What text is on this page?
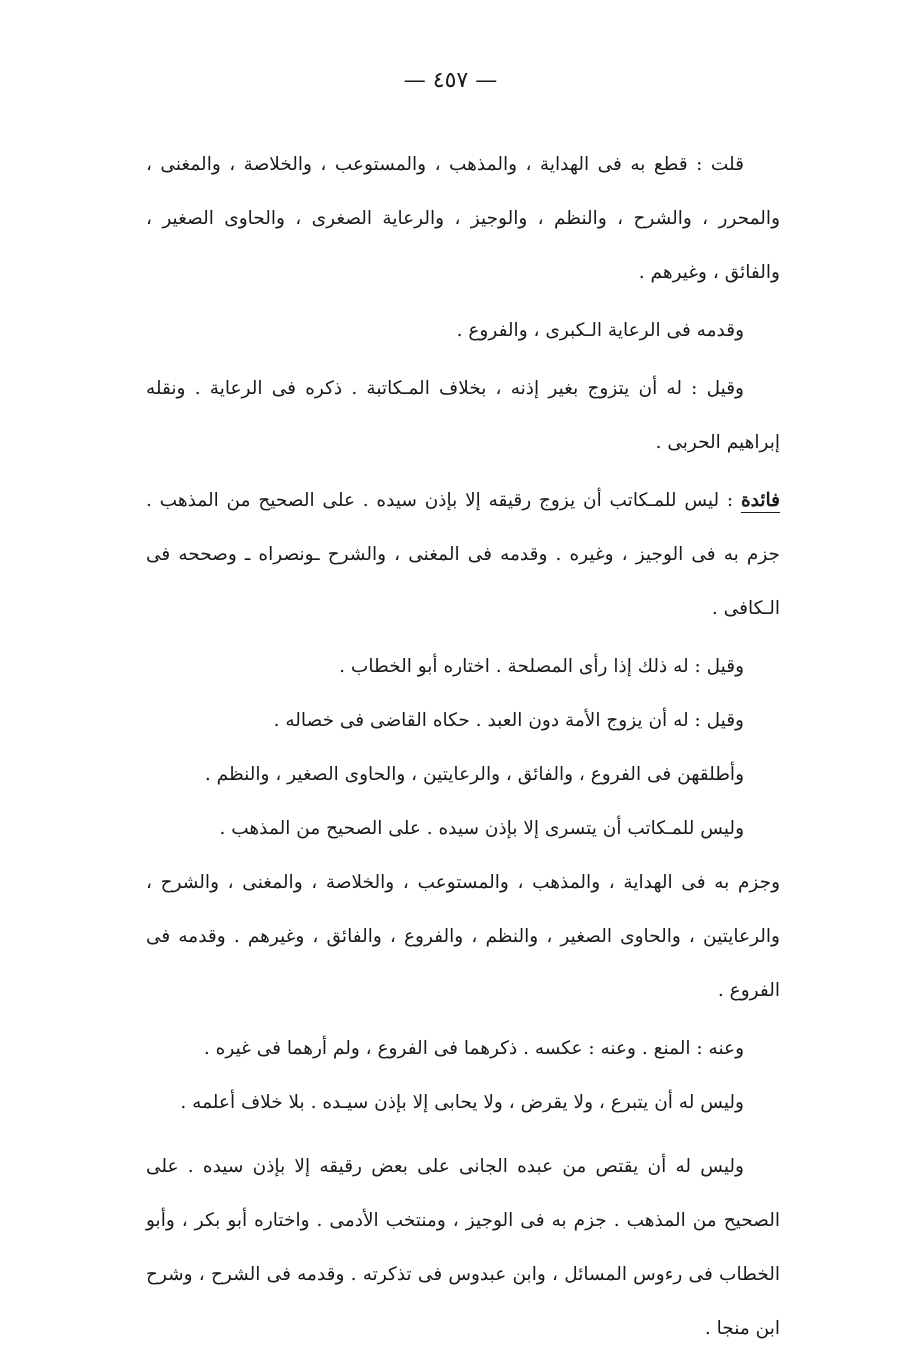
— ٤٥٧ —

قلت : قطع به فى الهداية ، والمذهب ، والمستوعب ، والخلاصة ، والمغنى ، والمحرر ، والشرح ، والنظم ، والوجيز ، والرعاية الصغرى ، والحاوى الصغير ، والفائق ، وغيرهم .

وقدمه فى الرعاية الـكبرى ، والفروع .

وقيل : له أن يتزوج بغير إذنه ، بخلاف المـكاتبة . ذكره فى الرعاية . ونقله إبراهيم الحربى .

فائدة : ليس للمـكاتب أن يزوج رقيقه إلا بإذن سيده . على الصحيح من المذهب . جزم به فى الوجيز ، وغيره . وقدمه فى المغنى ، والشرح ـونصراه ـ وصححه فى الـكافى .

وقيل : له ذلك إذا رأى المصلحة . اختاره أبو الخطاب .

وقيل : له أن يزوج الأمة دون العبد . حكاه القاضى فى خصاله .

وأطلقهن فى الفروع ، والفائق ، والرعايتين ، والحاوى الصغير ، والنظم .

وليس للمـكاتب أن يتسرى إلا بإذن سيده . على الصحيح من المذهب .

وجزم به فى الهداية ، والمذهب ، والمستوعب ، والخلاصة ، والمغنى ، والشرح ، والرعايتين ، والحاوى الصغير ، والنظم ، والفروع ، والفائق ، وغيرهم . وقدمه فى الفروع .

وعنه : المنع . وعنه : عكسه . ذكرهما فى الفروع ، ولم أرهما فى غيره .

وليس له أن يتبرع ، ولا يقرض ، ولا يحابى إلا بإذن سيـده . بلا خلاف أعلمه .

وليس له أن يقتص من عبده الجانى على بعض رقيقه إلا بإذن سيده . على الصحيح من المذهب . جزم به فى الوجيز ، ومنتخب الأدمى . واختاره أبو بكر ، وأبو الخطاب فى رءوس المسائل ، وابن عبدوس فى تذكرته . وقدمه فى الشرح ، وشرح ابن منجا .
